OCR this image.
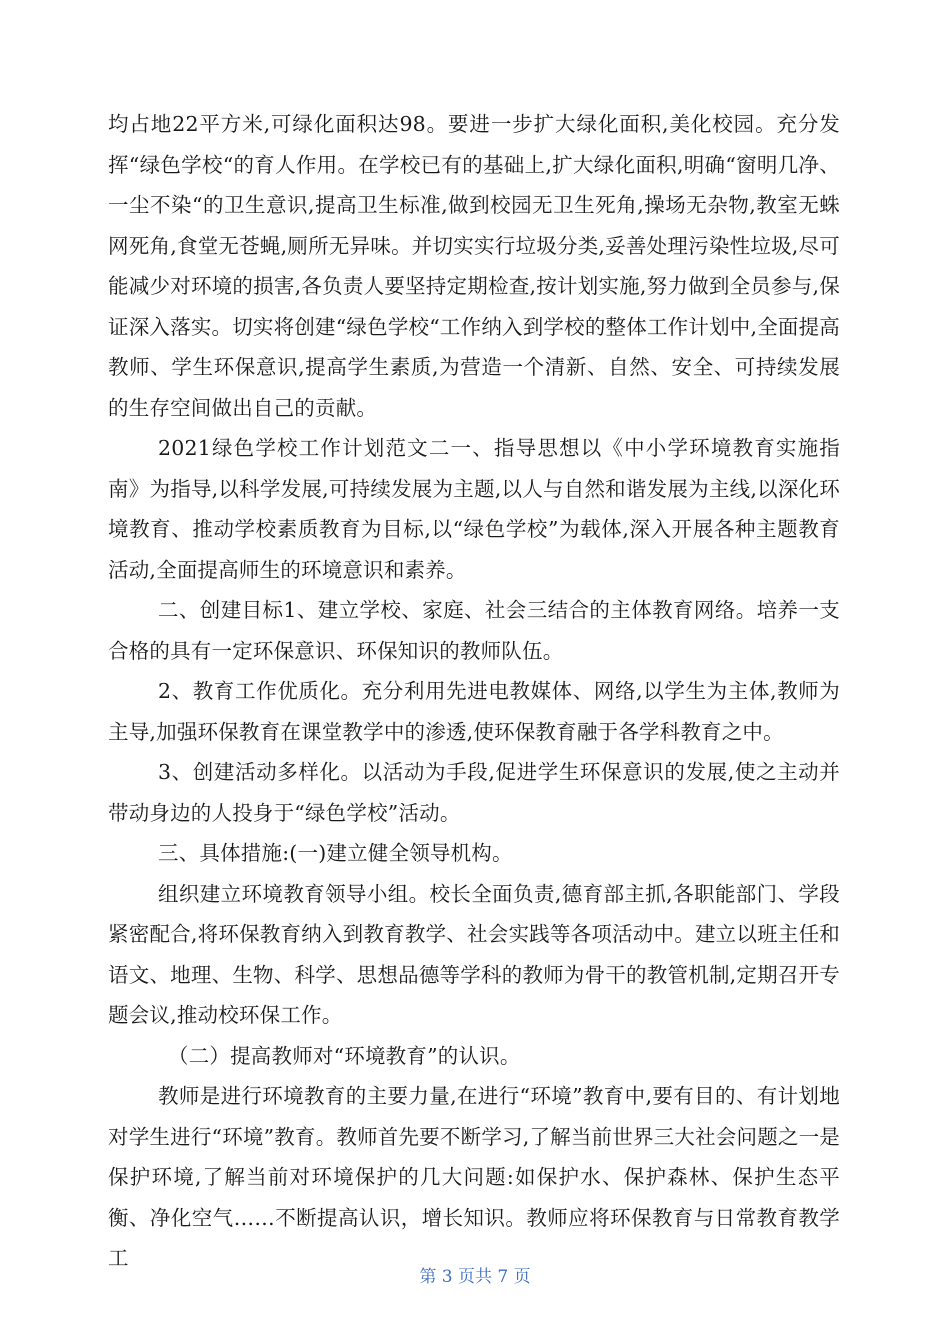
均占地22平方米,可绿化面积达98。要进一步扩大绿化面积,美化校园。充分发挥“绿色学校“的育人作用。在学校已有的基础上,扩大绿化面积,明确“窗明几净、一尘不染“的卫生意识,提高卫生标准,做到校园无卫生死角,操场无杂物,教室无蛛网死角,食堂无苍蝇,厕所无异味。并切实实行垃圾分类,妥善处理污染性垃圾,尽可能减少对环境的损害,各负责人要坚持定期检查,按计划实施,努力做到全员参与,保证深入落实。切实将创建“绿色学校“工作纳入到学校的整体工作计划中,全面提高教师、学生环保意识,提高学生素质,为营造一个清新、自然、安全、可持续发展的生存空间做出自己的贡献。

2021绿色学校工作计划范文二一、指导思想以《中小学环境教育实施指南》为指导,以科学发展,可持续发展为主题,以人与自然和谐发展为主线,以深化环境教育、推动学校素质教育为目标,以“绿色学校”为载体,深入开展各种主题教育活动,全面提高师生的环境意识和素养。

二、创建目标1、建立学校、家庭、社会三结合的主体教育网络。培养一支合格的具有一定环保意识、环保知识的教师队伍。

2、教育工作优质化。充分利用先进电教媒体、网络,以学生为主体,教师为主导,加强环保教育在课堂教学中的渗透,使环保教育融于各学科教育之中。

3、创建活动多样化。以活动为手段,促进学生环保意识的发展,使之主动并带动身边的人投身于“绿色学校”活动。

三、具体措施:(一)建立健全领导机构。

组织建立环境教育领导小组。校长全面负责,德育部主抓,各职能部门、学段紧密配合,将环保教育纳入到教育教学、社会实践等各项活动中。建立以班主任和语文、地理、生物、科学、思想品德等学科的教师为骨干的教管机制,定期召开专题会议,推动校环保工作。

（二）提高教师对“环境教育”的认识。

教师是进行环境教育的主要力量,在进行“环境”教育中,要有目的、有计划地对学生进行“环境”教育。教师首先要不断学习,了解当前世界三大社会问题之一是保护环境,了解当前对环境保护的几大问题:如保护水、保护森林、保护生态平衡、净化空气……不断提高认识，增长知识。教师应将环保教育与日常教育教学工

第 3 页共 7 页
